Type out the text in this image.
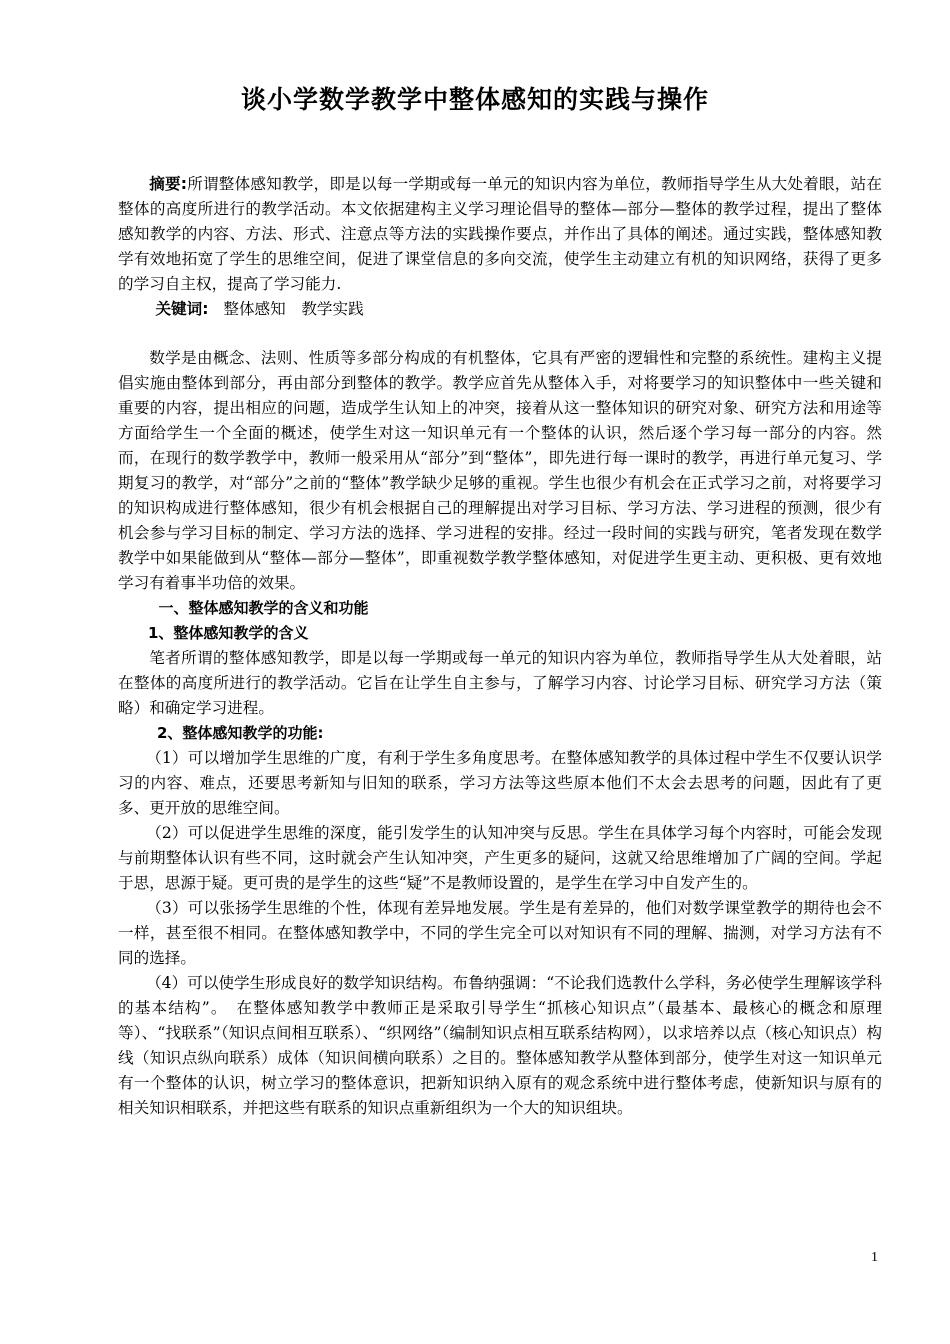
谈小学数学教学中整体感知的实践与操作

摘要:所谓整体感知教学，即是以每一学期或每一单元的知识内容为单位，教师指导学生从大处着眼，站在整体的高度所进行的教学活动。本文依据建构主义学习理论倡导的整体—部分—整体的教学过程，提出了整体感知教学的内容、方法、形式、注意点等方法的实践操作要点，并作出了具体的阐述。通过实践，整体感知教学有效地拓宽了学生的思维空间，促进了课堂信息的多向交流，使学生主动建立有机的知识网络，获得了更多的学习自主权，提高了学习能力.

关键词: 整体感知　教学实践

数学是由概念、法则、性质等多部分构成的有机整体，它具有严密的逻辑性和完整的系统性。建构主义提倡实施由整体到部分，再由部分到整体的教学。教学应首先从整体入手，对将要学习的知识整体中一些关键和重要的内容，提出相应的问题，造成学生认知上的冲突，接着从这一整体知识的研究对象、研究方法和用途等方面给学生一个全面的概述，使学生对这一知识单元有一个整体的认识，然后逐个学习每一部分的内容。然而，在现行的数学教学中，教师一般采用从“部分”到“整体”，即先进行每一课时的教学，再进行单元复习、学期复习的教学，对“部分”之前的“整体”教学缺少足够的重视。学生也很少有机会在正式学习之前，对将要学习的知识构成进行整体感知，很少有机会根据自己的理解提出对学习目标、学习方法、学习进程的预测，很少有机会参与学习目标的制定、学习方法的选择、学习进程的安排。经过一段时间的实践与研究，笔者发现在数学教学中如果能做到从“整体—部分—整体”，即重视数学教学整体感知，对促进学生更主动、更积极、更有效地学习有着事半功倍的效果。

一、整体感知教学的含义和功能

1、整体感知教学的含义

笔者所谓的整体感知教学，即是以每一学期或每一单元的知识内容为单位，教师指导学生从大处着眼，站在整体的高度所进行的教学活动。它旨在让学生自主参与，了解学习内容、讨论学习目标、研究学习方法（策略）和确定学习进程。

2、整体感知教学的功能:

（1）可以增加学生思维的广度，有利于学生多角度思考。在整体感知教学的具体过程中学生不仅要认识学习的内容、难点，还要思考新知与旧知的联系，学习方法等这些原本他们不太会去思考的问题，因此有了更多、更开放的思维空间。

（2）可以促进学生思维的深度，能引发学生的认知冲突与反思。学生在具体学习每个内容时，可能会发现与前期整体认识有些不同，这时就会产生认知冲突，产生更多的疑问，这就又给思维增加了广阔的空间。学起于思，思源于疑。更可贵的是学生的这些“疑”不是教师设置的，是学生在学习中自发产生的。

（3）可以张扬学生思维的个性，体现有差异地发展。学生是有差异的，他们对数学课堂教学的期待也会不一样，甚至很不相同。在整体感知教学中，不同的学生完全可以对知识有不同的理解、揣测，对学习方法有不同的选择。

（4）可以使学生形成良好的数学知识结构。布鲁纳强调：“不论我们选教什么学科，务必使学生理解该学科的基本结构”。　在整体感知教学中教师正是采取引导学生“抓核心知识点”（最基本、最核心的概念和原理等）、“找联系”（知识点间相互联系）、“织网络”（编制知识点相互联系结构网），以求培养以点（核心知识点）构线（知识点纵向联系）成体（知识间横向联系）之目的。整体感知教学从整体到部分，使学生对这一知识单元有一个整体的认识，树立学习的整体意识，把新知识纳入原有的观念系统中进行整体考虑，使新知识与原有的相关知识相联系，并把这些有联系的知识点重新组织为一个大的知识组块。

1
